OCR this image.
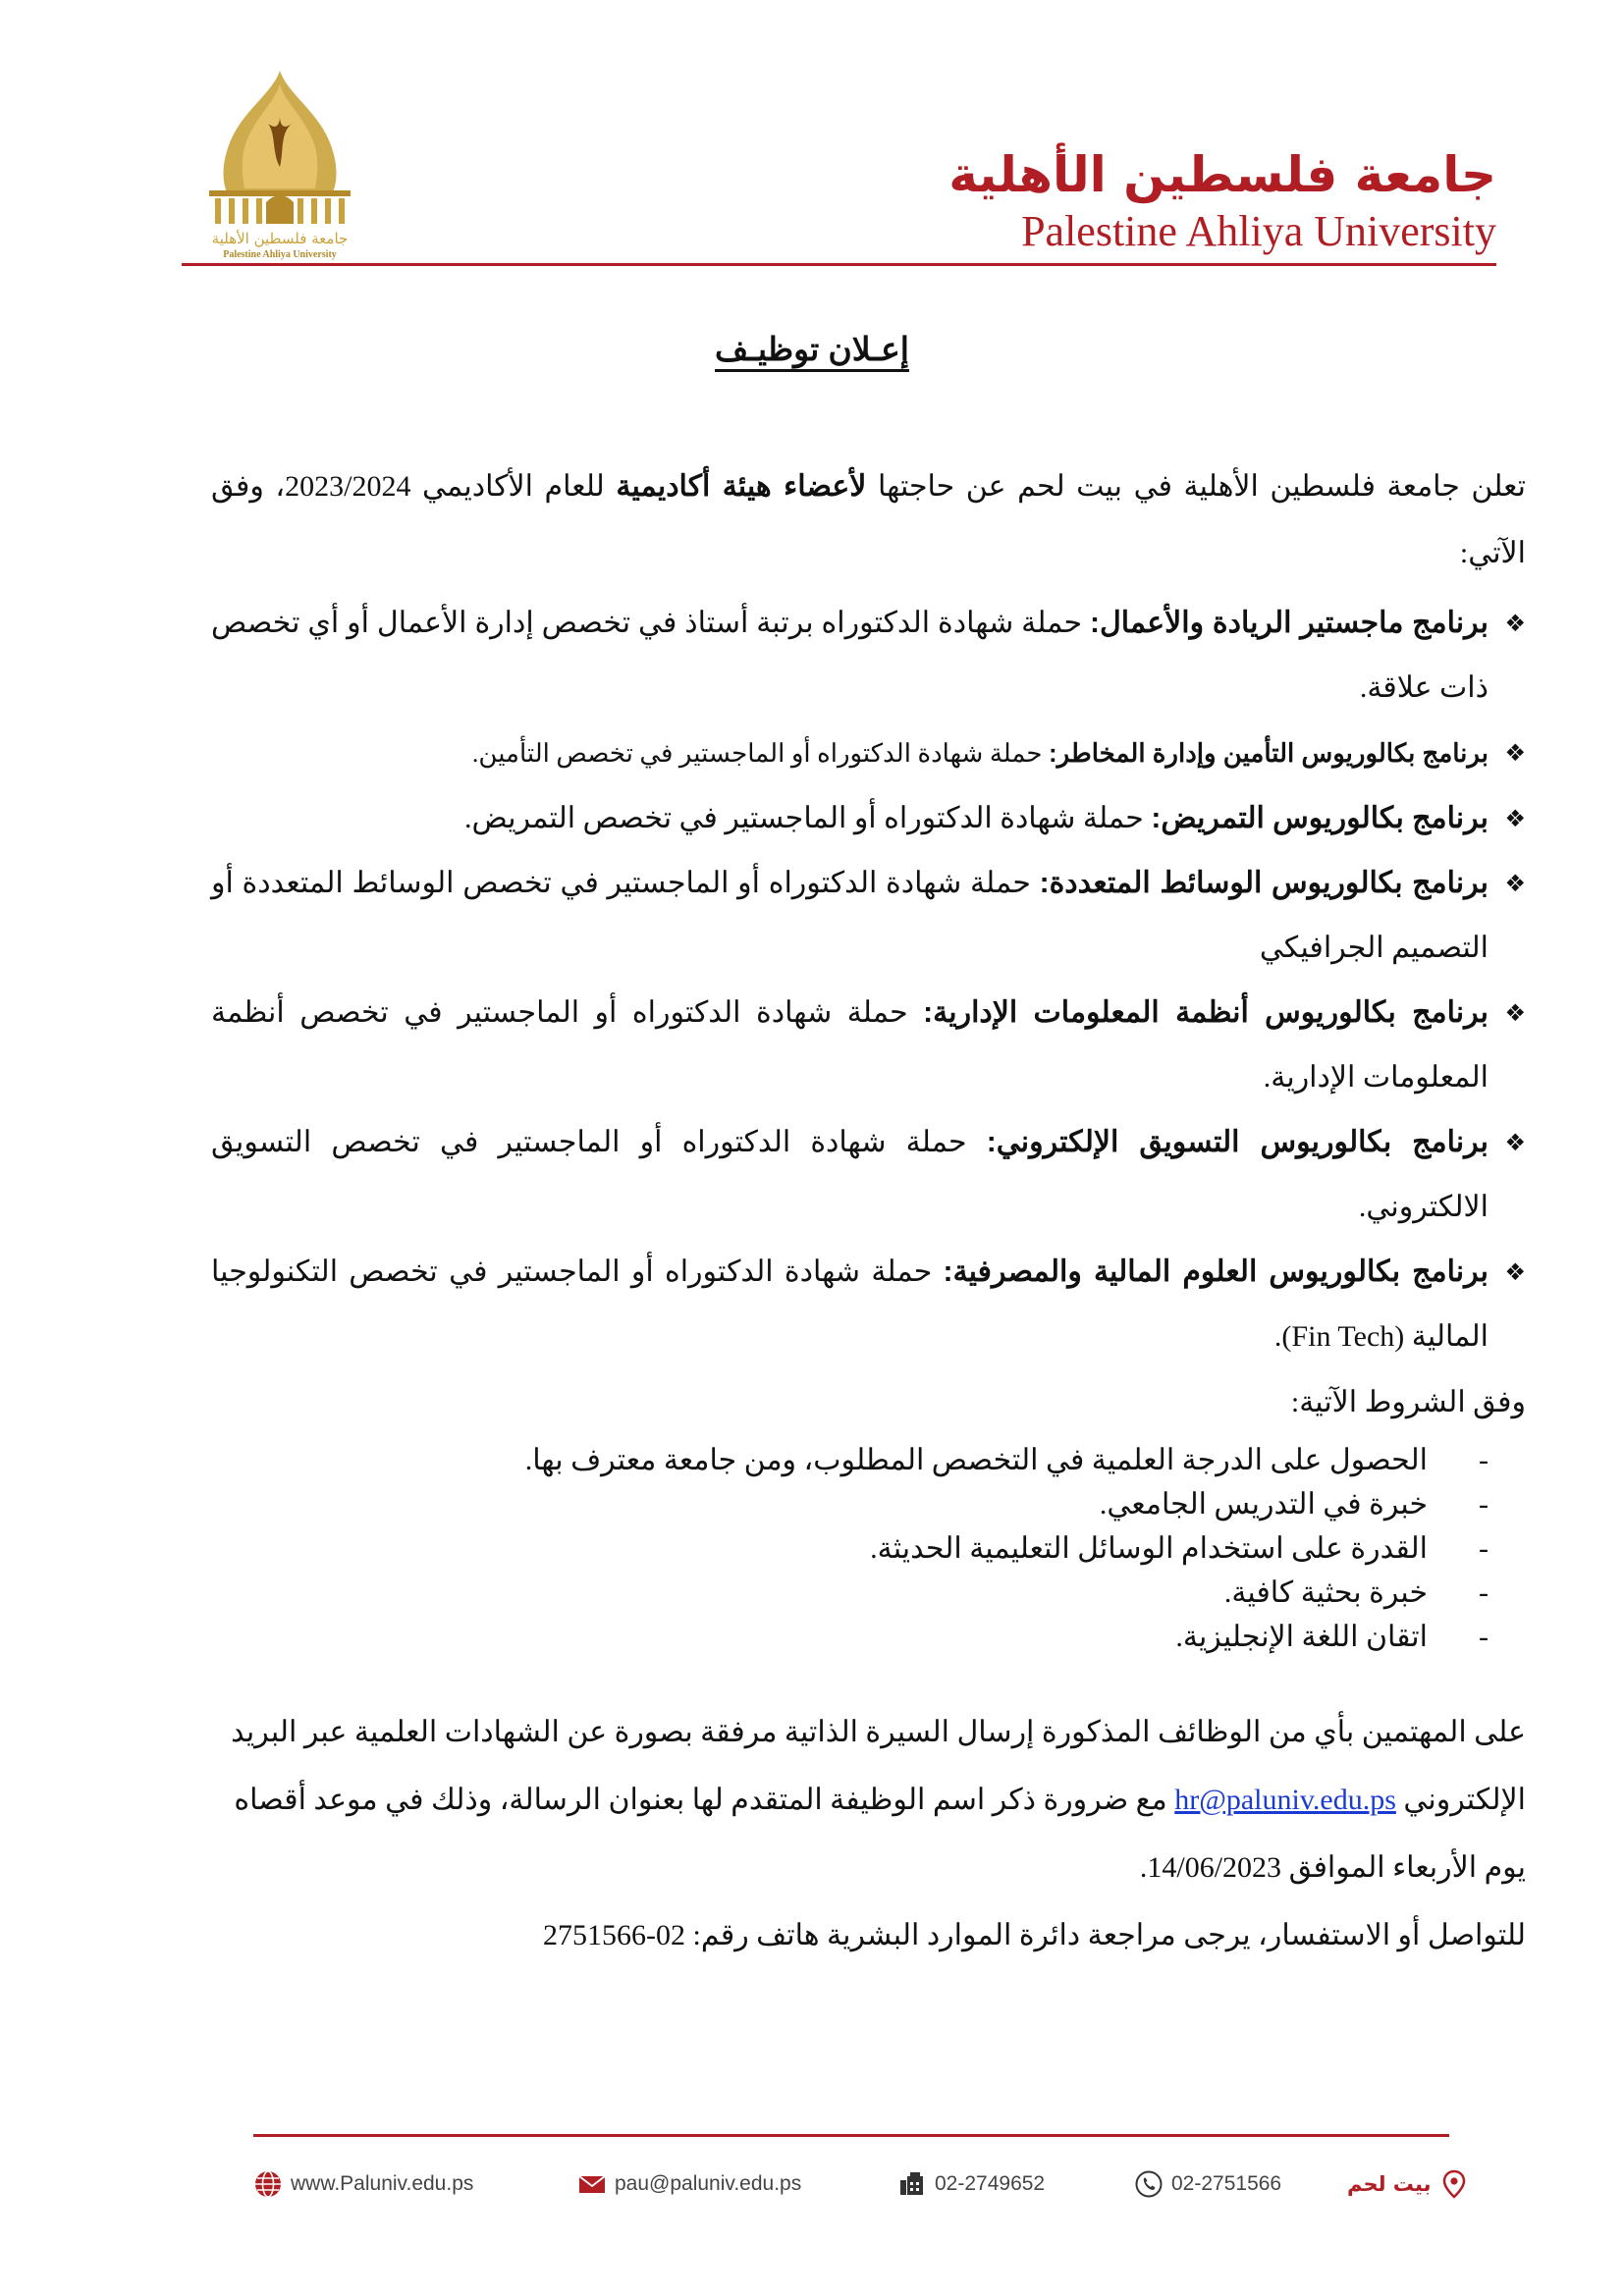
جامعة فلسطين الأهلية
Palestine Ahliya University
جامعة فلسطين الأهلية
Palestine Ahliya University
إعـلان توظيـف

تعلن جامعة فلسطين الأهلية في بيت لحم عن حاجتها لأعضاء هيئة أكاديمية للعام الأكاديمي 2023/2024، وفق الآتي:

❖
برنامج ماجستير الريادة والأعمال: حملة شهادة الدكتوراه برتبة أستاذ في تخصص إدارة الأعمال أو أي تخصص ذات علاقة.
❖
برنامج بكالوريوس التأمين وإدارة المخاطر: حملة شهادة الدكتوراه أو الماجستير في تخصص التأمين.
❖
برنامج بكالوريوس التمريض: حملة شهادة الدكتوراه أو الماجستير في تخصص التمريض.
❖
برنامج بكالوريوس الوسائط المتعددة: حملة شهادة الدكتوراه أو الماجستير في تخصص الوسائط المتعددة أو التصميم الجرافيكي
❖
برنامج بكالوريوس أنظمة المعلومات الإدارية: حملة شهادة الدكتوراه أو الماجستير في تخصص أنظمة المعلومات الإدارية.
❖
برنامج بكالوريوس التسويق الإلكتروني: حملة شهادة الدكتوراه أو الماجستير في تخصص التسويق الالكتروني.
❖
برنامج بكالوريوس العلوم المالية والمصرفية: حملة شهادة الدكتوراه أو الماجستير في تخصص التكنولوجيا المالية (Fin Tech).

وفق الشروط الآتية:

-
الحصول على الدرجة العلمية في التخصص المطلوب، ومن جامعة معترف بها.
-
خبرة في التدريس الجامعي.
-
القدرة على استخدام الوسائل التعليمية الحديثة.
-
خبرة بحثية كافية.
-
اتقان اللغة الإنجليزية.

على المهتمين بأي من الوظائف المذكورة إرسال السيرة الذاتية مرفقة بصورة عن الشهادات العلمية عبر البريد الإلكتروني hr@paluniv.edu.ps مع ضرورة ذكر اسم الوظيفة المتقدم لها بعنوان الرسالة، وذلك في موعد أقصاه يوم الأربعاء الموافق 14/06/2023.

للتواصل أو الاستفسار، يرجى مراجعة دائرة الموارد البشرية هاتف رقم: 02-2751566

www.Paluniv.edu.ps	pau@paluniv.edu.ps	02-2749652	02-2751566	بيت لحم
